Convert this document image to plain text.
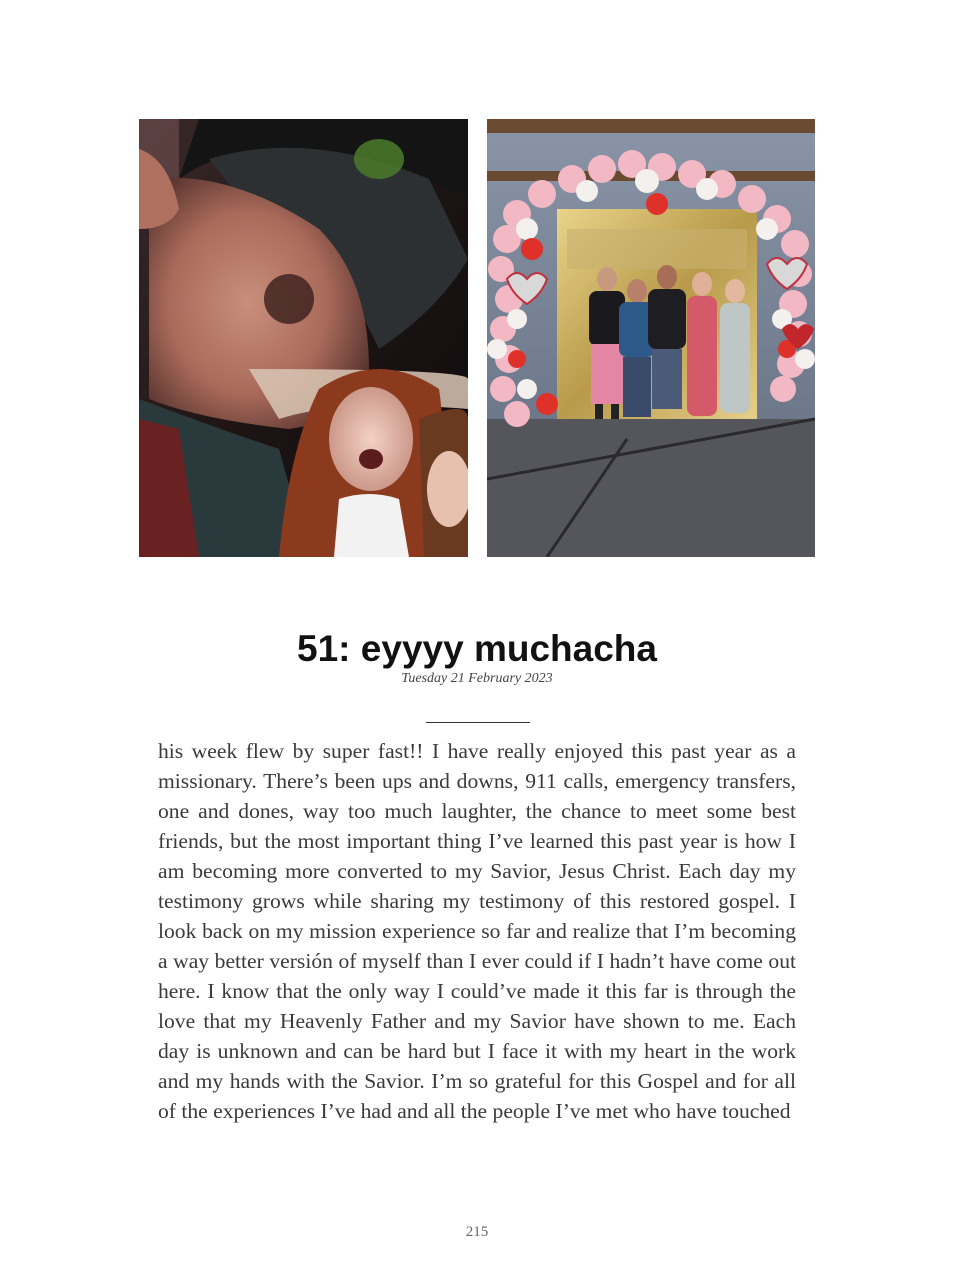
51: eyyyy muchacha
Tuesday 21 February 2023

his week flew by super fast!! I have really enjoyed this past year as a missionary. There’s been ups and downs, 911 calls, emergency transfers, one and dones, way too much laughter, the chance to meet some best friends, but the most important thing I’ve learned this past year is how I am becoming more converted to my Savior, Jesus Christ. Each day my testimony grows while sharing my testimony of this restored gospel. I look back on my mission experience so far and realize that I’m becoming a way better versión of myself than I ever could if I hadn’t have come out here. I know that the only way I could’ve made it this far is through the love that my Heavenly Father and my Savior have shown to me. Each day is unknown and can be hard but I face it with my heart in the work and my hands with the Savior. I’m so grateful for this Gospel and for all of the experiences I’ve had and all the people I’ve met who have touched

215
